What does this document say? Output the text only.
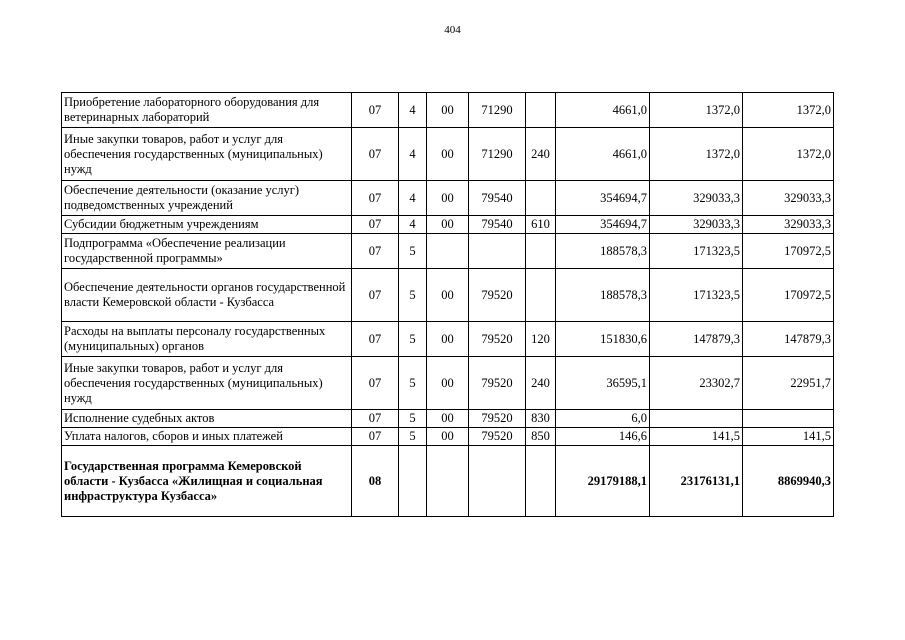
404
Приобретение лабораторного оборудования для ветеринарных лабораторий	07	4	00	71290		4661,0	1372,0	1372,0
Иные закупки товаров, работ и услуг для обеспечения государственных (муниципальных) нужд	07	4	00	71290	240	4661,0	1372,0	1372,0
Обеспечение деятельности (оказание услуг) подведомственных учреждений	07	4	00	79540		354694,7	329033,3	329033,3
Субсидии бюджетным учреждениям	07	4	00	79540	610	354694,7	329033,3	329033,3
Подпрограмма «Обеспечение реализации государственной программы»	07	5				188578,3	171323,5	170972,5
Обеспечение деятельности органов государственной власти Кемеровской области - Кузбасса	07	5	00	79520		188578,3	171323,5	170972,5
Расходы на выплаты персоналу государственных (муниципальных) органов	07	5	00	79520	120	151830,6	147879,3	147879,3
Иные закупки товаров, работ и услуг для обеспечения государственных (муниципальных) нужд	07	5	00	79520	240	36595,1	23302,7	22951,7
Исполнение судебных актов	07	5	00	79520	830	6,0		
Уплата налогов, сборов и иных платежей	07	5	00	79520	850	146,6	141,5	141,5
Государственная программа Кемеровской области - Кузбасса «Жилищная и социальная инфраструктура Кузбасса»	08					29179188,1	23176131,1	8869940,3
